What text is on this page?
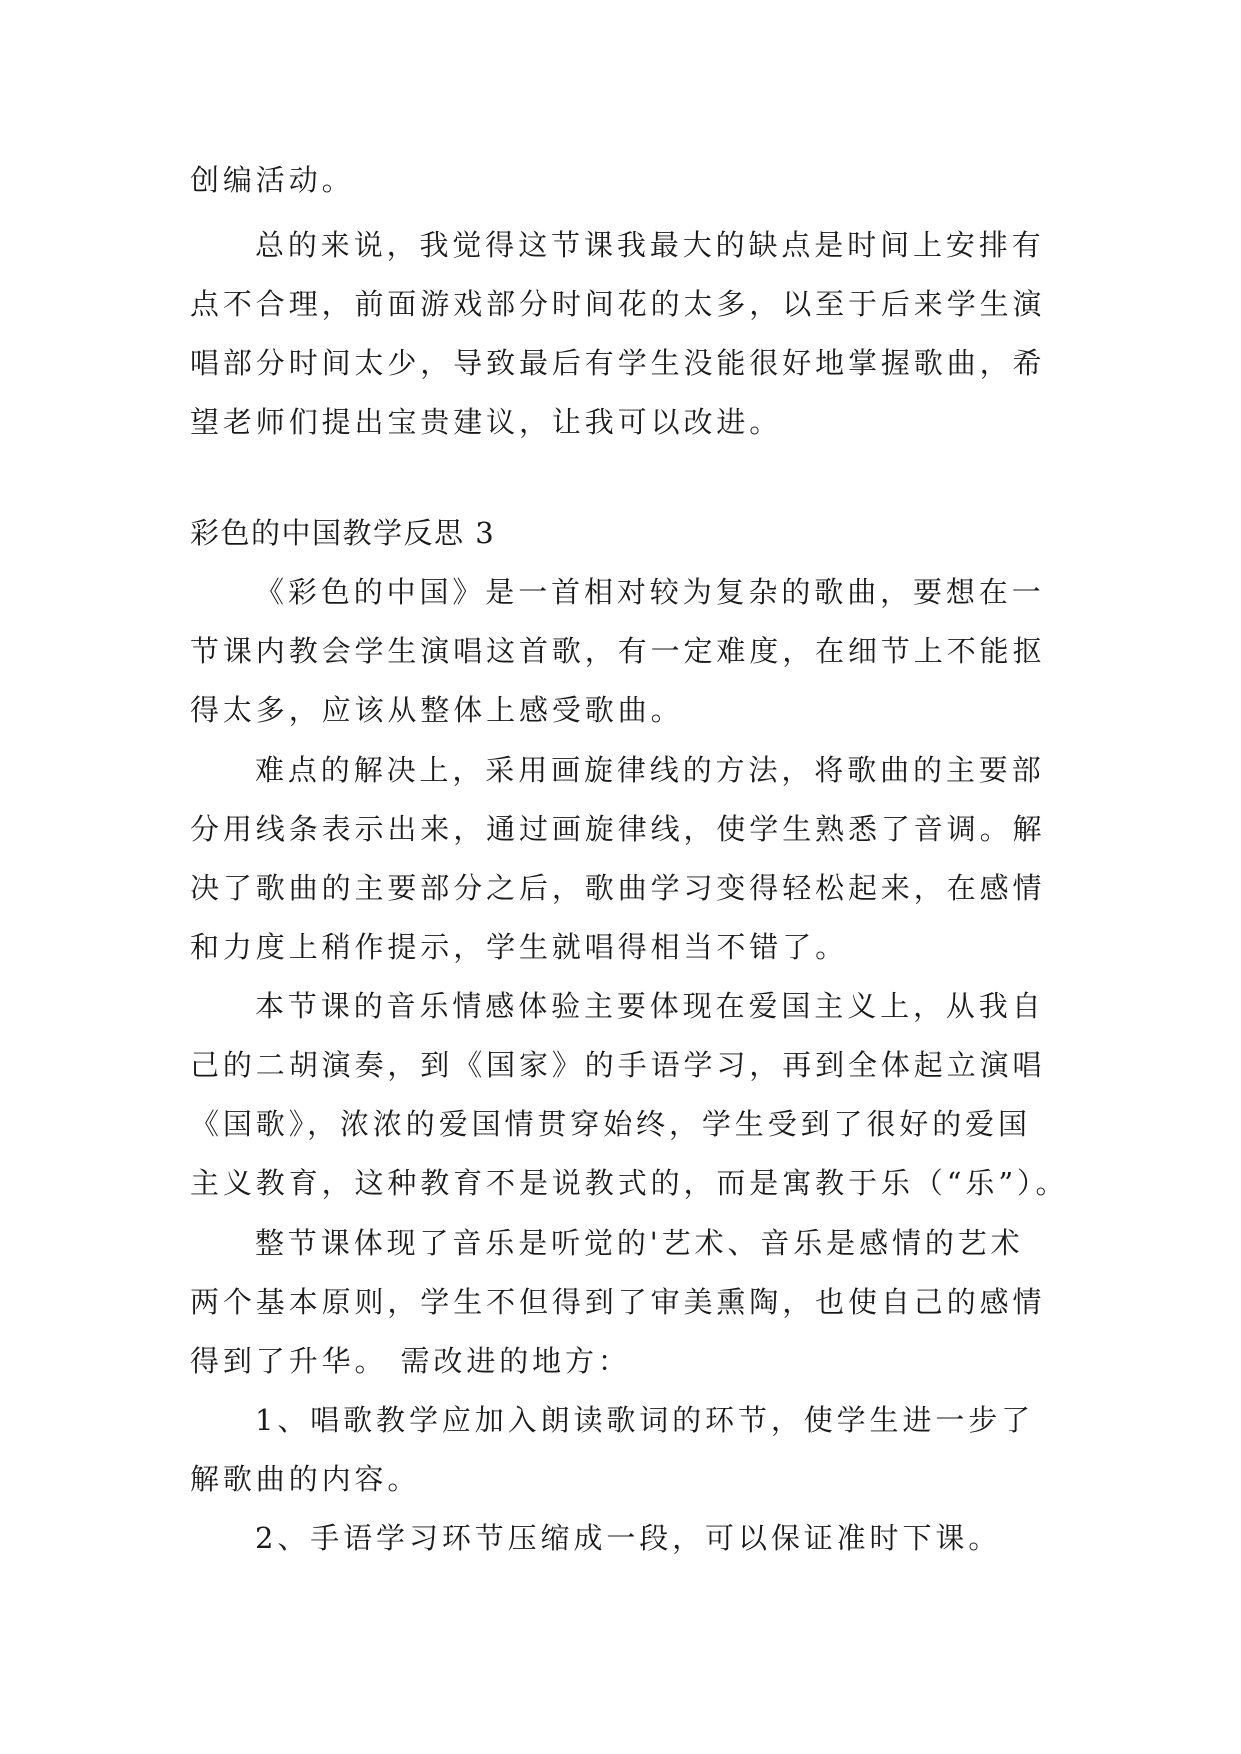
创编活动。

总的来说，我觉得这节课我最大的缺点是时间上安排有

点不合理，前面游戏部分时间花的太多，以至于后来学生演

唱部分时间太少，导致最后有学生没能很好地掌握歌曲，希

望老师们提出宝贵建议，让我可以改进。

彩色的中国教学反思 3

《彩色的中国》是一首相对较为复杂的歌曲，要想在一

节课内教会学生演唱这首歌，有一定难度，在细节上不能抠

得太多，应该从整体上感受歌曲。

难点的解决上，采用画旋律线的方法，将歌曲的主要部

分用线条表示出来，通过画旋律线，使学生熟悉了音调。解

决了歌曲的主要部分之后，歌曲学习变得轻松起来，在感情

和力度上稍作提示，学生就唱得相当不错了。

本节课的音乐情感体验主要体现在爱国主义上，从我自

己的二胡演奏，到《国家》的手语学习，再到全体起立演唱

《国歌》，浓浓的爱国情贯穿始终，学生受到了很好的爱国

主义教育，这种教育不是说教式的，而是寓教于乐（“乐”）。

整节课体现了音乐是听觉的'艺术、音乐是感情的艺术

两个基本原则，学生不但得到了审美熏陶，也使自己的感情

得到了升华。 需改进的地方：

1、唱歌教学应加入朗读歌词的环节，使学生进一步了

解歌曲的内容。

2、手语学习环节压缩成一段，可以保证准时下课。
